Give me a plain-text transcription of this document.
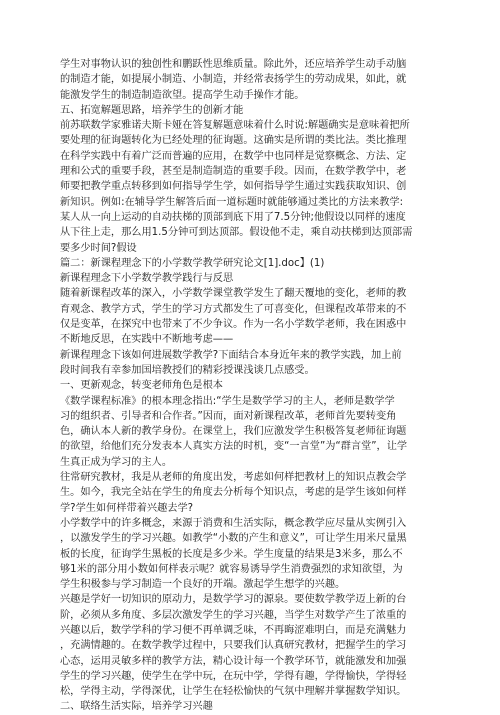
学生对事物认识的独创性和鹏跃性思维质量。除此外，还应培养学生动手动脑
的制造才能，如提展小制造、小制造，并经常表扬学生的劳动成果，如此，就
能激发学生的制造制造欲望。提高学生动手操作才能。
五、拓宽解题思路，培养学生的创新才能
前苏联数学家雅诺夫斯卡娅在答复解题意味着什么时说:解题确实是意味着把所
要处理的征询题转化为已经处理的征询题。这确实是所谓的类比法。类比推理
在科学实践中有着广泛而普遍的应用，在数学中也同样是觉察概念、方法、定
理和公式的重要手段，甚至是制造制造的重要手段。因而，在数学教学中，老
师要把教学重点转移到如何指导学生学，如何指导学生通过实践获取知识、创
新知识。例如:在辅导学生解答后面一道标题时就能够通过类比的方法来教学:
某人从一向上运动的自动扶梯的顶部到底下用了7.5分钟;他假设以同样的速度
从下往上走，那么用1.5分钟可到达顶部。假设他不走，乘自动扶梯到达顶部需
要多少时间?假设
篇二：新课程理念下的小学数学教学研究论文[1].doc】(1)
新课程理念下小学数学教学践行与反思
随着新课程改革的深入，小学数学课堂教学发生了翻天覆地的变化，老师的教
育观念、教学方式，学生的学习方式都发生了可喜变化，但课程改革带来的不
仅是变革，在探究中也带来了不少争议。作为一名小学数学老师，我在困惑中
不断地反思，在实践中不断地考虑——
新课程理念下该如何进展数学教学?下面结合本身近年来的教学实践，加上前
段时间我有幸参加国培教授们的精彩授课浅谈几点感受。
一、更新观念，转变老师角色是根本
《数学课程标准》的根本理念指出:“学生是数学学习的主人，老师是数学学
习的组织者、引导者和合作者。”因而，面对新课程改革，老师首先要转变角
色，确认本人新的教学身份。在课堂上，我们应激发学生积极答复老师征询题
的欲望，给他们充分发表本人真实方法的时机，变“一言堂”为“群言堂”，让学
生真正成为学习的主人。
往常研究教材，我是从老师的角度出发，考虑如何样把教材上的知识点教会学
生。如今，我完全站在学生的角度去分析每个知识点，考虑的是学生该如何样
学?学生如何样带着兴趣去学?
小学数学中的许多概念，来源于消费和生活实际，概念教学应尽量从实例引入
，以激发学生的学习兴趣。如教学“小数的产生和意义”，可让学生用米尺量黑
板的长度，征询学生黑板的长度是多少米。学生度量的结果是3米多，那么不
够1米的部分用小数如何样表示呢？就容易诱导学生消费强烈的求知欲望，为
学生积极参与学习制造一个良好的开端。激起学生想学的兴趣。
兴趣是学好一切知识的原动力，是数学学习的源泉。要使数学教学迈上新的台
阶，必须从多角度、多层次激发学生的学习兴趣，当学生对数学产生了浓重的
兴趣以后，数学学科的学习便不再单调乏味，不再晦涩难明白，而是充满魅力
，充满情趣的。在数学教学过程中，只要我们认真研究教材，把握学生的学习
心态，运用灵敏多样的教学方法，精心设计每一个教学环节，就能激发和加强
学生的学习兴趣，使学生在学中玩，在玩中学，学得有趣，学得愉快，学得轻
松，学得主动，学得深优，让学生在轻松愉快的气氛中理解并掌握数学知识。
二、联络生活实际，培养学习兴趣
